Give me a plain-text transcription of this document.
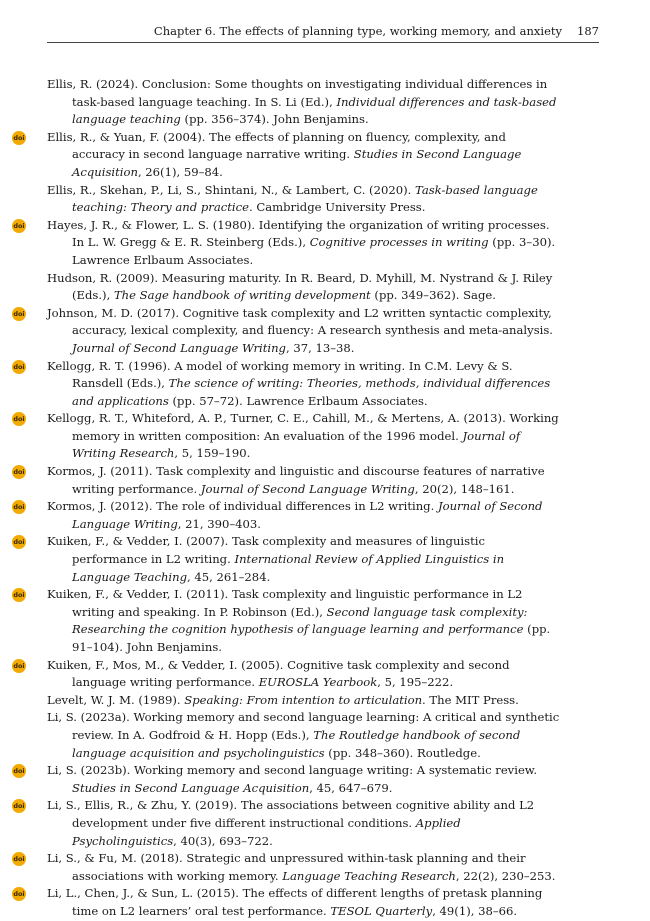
Chapter 6. The effects of planning type, working memory, and anxiety 187
Ellis, R. (2024). Conclusion: Some thoughts on investigating individual differences in task-based language teaching. In S. Li (Ed.), Individual differences and task-based language teaching (pp. 356–374). John Benjamins.
doi Ellis, R., & Yuan, F. (2004). The effects of planning on fluency, complexity, and accuracy in second language narrative writing. Studies in Second Language Acquisition, 26(1), 59–84.
Ellis, R., Skehan, P., Li, S., Shintani, N., & Lambert, C. (2020). Task-based language teaching: Theory and practice. Cambridge University Press.
doi Hayes, J. R., & Flower, L. S. (1980). Identifying the organization of writing processes. In L. W. Gregg & E. R. Steinberg (Eds.), Cognitive processes in writing (pp. 3–30). Lawrence Erlbaum Associates.
Hudson, R. (2009). Measuring maturity. In R. Beard, D. Myhill, M. Nystrand & J. Riley (Eds.), The Sage handbook of writing development (pp. 349–362). Sage.
doi Johnson, M. D. (2017). Cognitive task complexity and L2 written syntactic complexity, accuracy, lexical complexity, and fluency: A research synthesis and meta-analysis. Journal of Second Language Writing, 37, 13–38.
doi Kellogg, R. T. (1996). A model of working memory in writing. In C.M. Levy & S. Ransdell (Eds.), The science of writing: Theories, methods, individual differences and applications (pp. 57–72). Lawrence Erlbaum Associates.
doi Kellogg, R. T., Whiteford, A. P., Turner, C. E., Cahill, M., & Mertens, A. (2013). Working memory in written composition: An evaluation of the 1996 model. Journal of Writing Research, 5, 159–190.
doi Kormos, J. (2011). Task complexity and linguistic and discourse features of narrative writing performance. Journal of Second Language Writing, 20(2), 148–161.
doi Kormos, J. (2012). The role of individual differences in L2 writing. Journal of Second Language Writing, 21, 390–403.
doi Kuiken, F., & Vedder, I. (2007). Task complexity and measures of linguistic performance in L2 writing. International Review of Applied Linguistics in Language Teaching, 45, 261–284.
doi Kuiken, F., & Vedder, I. (2011). Task complexity and linguistic performance in L2 writing and speaking. In P. Robinson (Ed.), Second language task complexity: Researching the cognition hypothesis of language learning and performance (pp. 91–104). John Benjamins.
doi Kuiken, F., Mos, M., & Vedder, I. (2005). Cognitive task complexity and second language writing performance. EUROSLA Yearbook, 5, 195–222.
Levelt, W. J. M. (1989). Speaking: From intention to articulation. The MIT Press.
Li, S. (2023a). Working memory and second language learning: A critical and synthetic review. In A. Godfroid & H. Hopp (Eds.), The Routledge handbook of second language acquisition and psycholinguistics (pp. 348–360). Routledge.
doi Li, S. (2023b). Working memory and second language writing: A systematic review. Studies in Second Language Acquisition, 45, 647–679.
doi Li, S., Ellis, R., & Zhu, Y. (2019). The associations between cognitive ability and L2 development under five different instructional conditions. Applied Psycholinguistics, 40(3), 693–722.
doi Li, S., & Fu, M. (2018). Strategic and unpressured within-task planning and their associations with working memory. Language Teaching Research, 22(2), 230–253.
doi Li, L., Chen, J., & Sun, L. (2015). The effects of different lengths of pretask planning time on L2 learners’ oral test performance. TESOL Quarterly, 49(1), 38–66.
